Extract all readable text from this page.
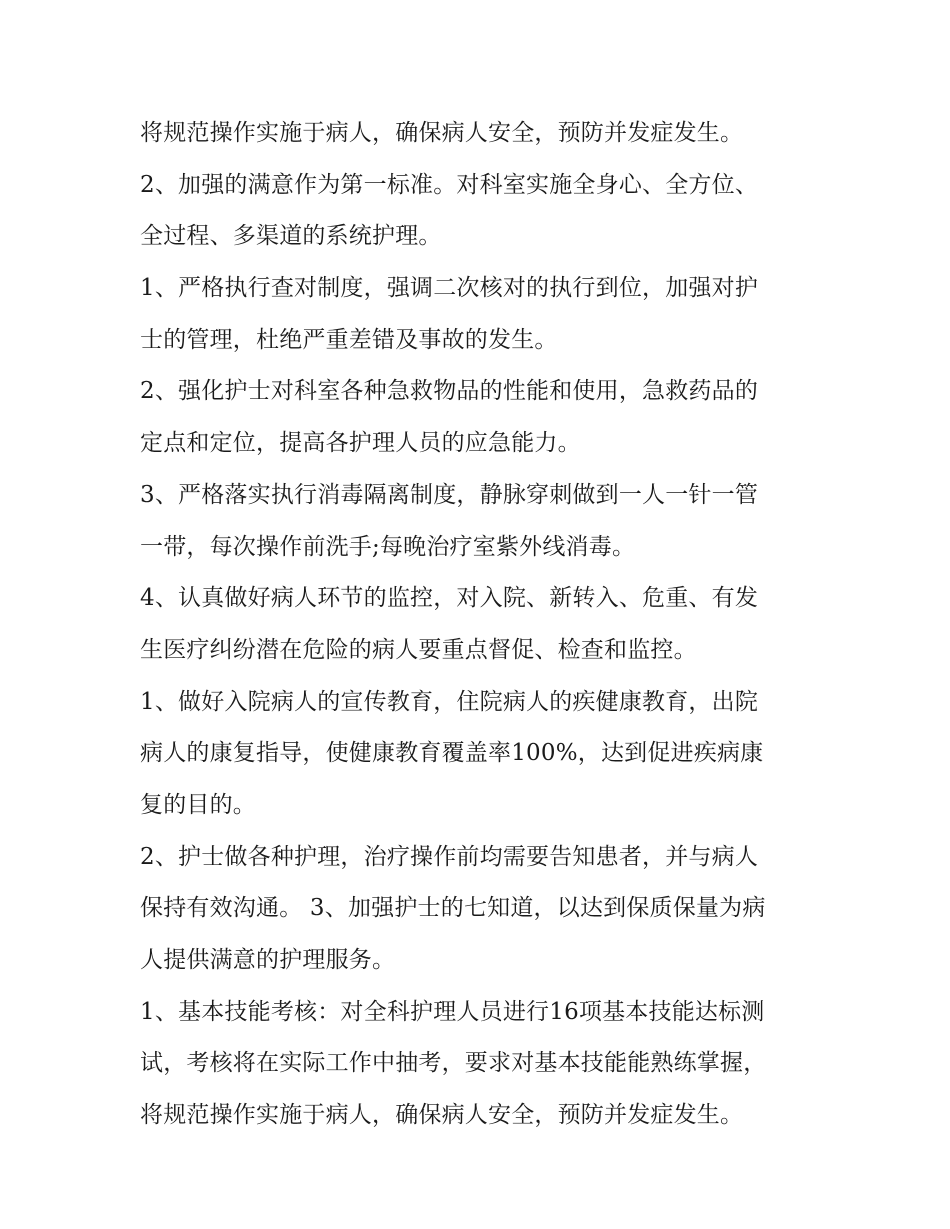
将规范操作实施于病人，确保病人安全，预防并发症发生。
2、加强的满意作为第一标准。对科室实施全身心、全方位、
全过程、多渠道的系统护理。
1、严格执行查对制度，强调二次核对的执行到位，加强对护
士的管理，杜绝严重差错及事故的发生。
2、强化护士对科室各种急救物品的性能和使用，急救药品的
定点和定位，提高各护理人员的应急能力。
3、严格落实执行消毒隔离制度，静脉穿刺做到一人一针一管
一带，每次操作前洗手;每晚治疗室紫外线消毒。
4、认真做好病人环节的监控，对入院、新转入、危重、有发
生医疗纠纷潜在危险的病人要重点督促、检查和监控。
1、做好入院病人的宣传教育，住院病人的疾健康教育，出院
病人的康复指导，使健康教育覆盖率100%，达到促进疾病康
复的目的。
2、护士做各种护理，治疗操作前均需要告知患者，并与病人
保持有效沟通。 3、加强护士的七知道，以达到保质保量为病
人提供满意的护理服务。
1、基本技能考核：对全科护理人员进行16项基本技能达标测
试，考核将在实际工作中抽考，要求对基本技能能熟练掌握，
将规范操作实施于病人，确保病人安全，预防并发症发生。
